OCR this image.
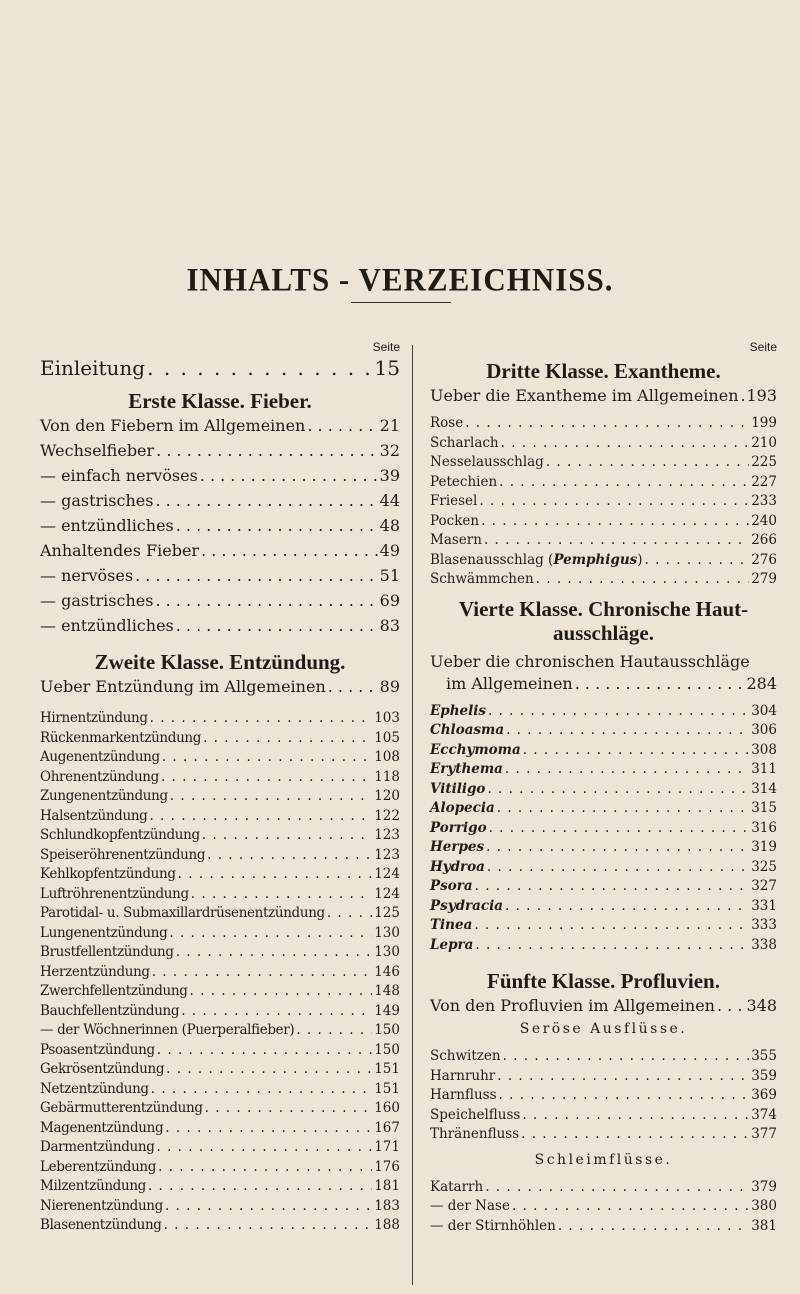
INHALTS - VERZEICHNISS.
Seite
Einleitung . . .	15
Erste Klasse. Fieber.
Von den Fiebern im Allgemeinen . . .	21
Wechselfieber . . .	32
— einfach nervöses . . .	39
— gastrisches . . .	44
— entzündliches . . .	48
Anhaltendes Fieber . . .	49
— nervöses . . .	51
— gastrisches . . .	69
— entzündliches . . .	83
Zweite Klasse. Entzündung.
Ueber Entzündung im Allgemeinen . . .	89
Hirnentzündung . . .	103
Rückenmarkentzündung . . .	105
Augenentzündung . . .	108
Ohrenentzündung . . .	118
Zungenentzündung . . .	120
Halsentzündung . . .	122
Schlundkopfentzündung . . .	123
Speiseröhrenentzündung . . .	123
Kehlkopfentzündung . . .	124
Luftröhrenentzündung . . .	124
Parotidal- u. Submaxillardrüsenentzündung . . .	125
Lungenentzündung . . .	130
Brustfellentzündung . . .	130
Herzentzündung . . .	146
Zwerchfellentzündung . . .	148
Bauchfellentzündung . . .	149
— der Wöchnerinnen (Puerperalfieber) . . .	150
Psoasentzündung . . .	150
Gekrösentzündung . . .	151
Netzentzündung . . .	151
Gebärmutterentzündung . . .	160
Magenentzündung . . .	167
Darmentzündung . . .	171
Leberentzündung . . .	176
Milzentzündung . . .	181
Nierenentzündung . . .	183
Blasenentzündung . . .	188
Seite
Dritte Klasse. Exantheme.
Ueber die Exantheme im Allgemeinen . . . 193
Rose . . .	199
Scharlach . . .	210
Nesselausschlag . . .	225
Petechien . . .	227
Friesel . . .	233
Pocken . . .	240
Masern . . .	266
Blasenausschlag (Pemphigus) . . .	276
Schwämmchen . . .	279
Vierte Klasse. Chronische Haut-
ausschläge.
Ueber die chronischen Hautausschläge
im Allgemeinen . . .	284
Ephelis . . .	304
Chloasma . . .	306
Ecchymoma . . .	308
Erythema . . .	311
Vitiligo . . .	314
Alopecia . . .	315
Porrigo . . .	316
Herpes . . .	319
Hydroa . . .	325
Psora . . .	327
Psydracia . . .	331
Tinea . . .	333
Lepra . . .	338
Fünfte Klasse. Profluvien.
Von den Profluvien im Allgemeinen . . . 348
Seröse Ausflüsse.
Schwitzen . . .	355
Harnruhr . . .	359
Harnfluss . . .	369
Speichelfluss . . .	374
Thränenfluss . . .	377
Schleimflüsse.
Katarrh . . .	379
— der Nase . . .	380
— der Stirnhöhlen . . .	381
